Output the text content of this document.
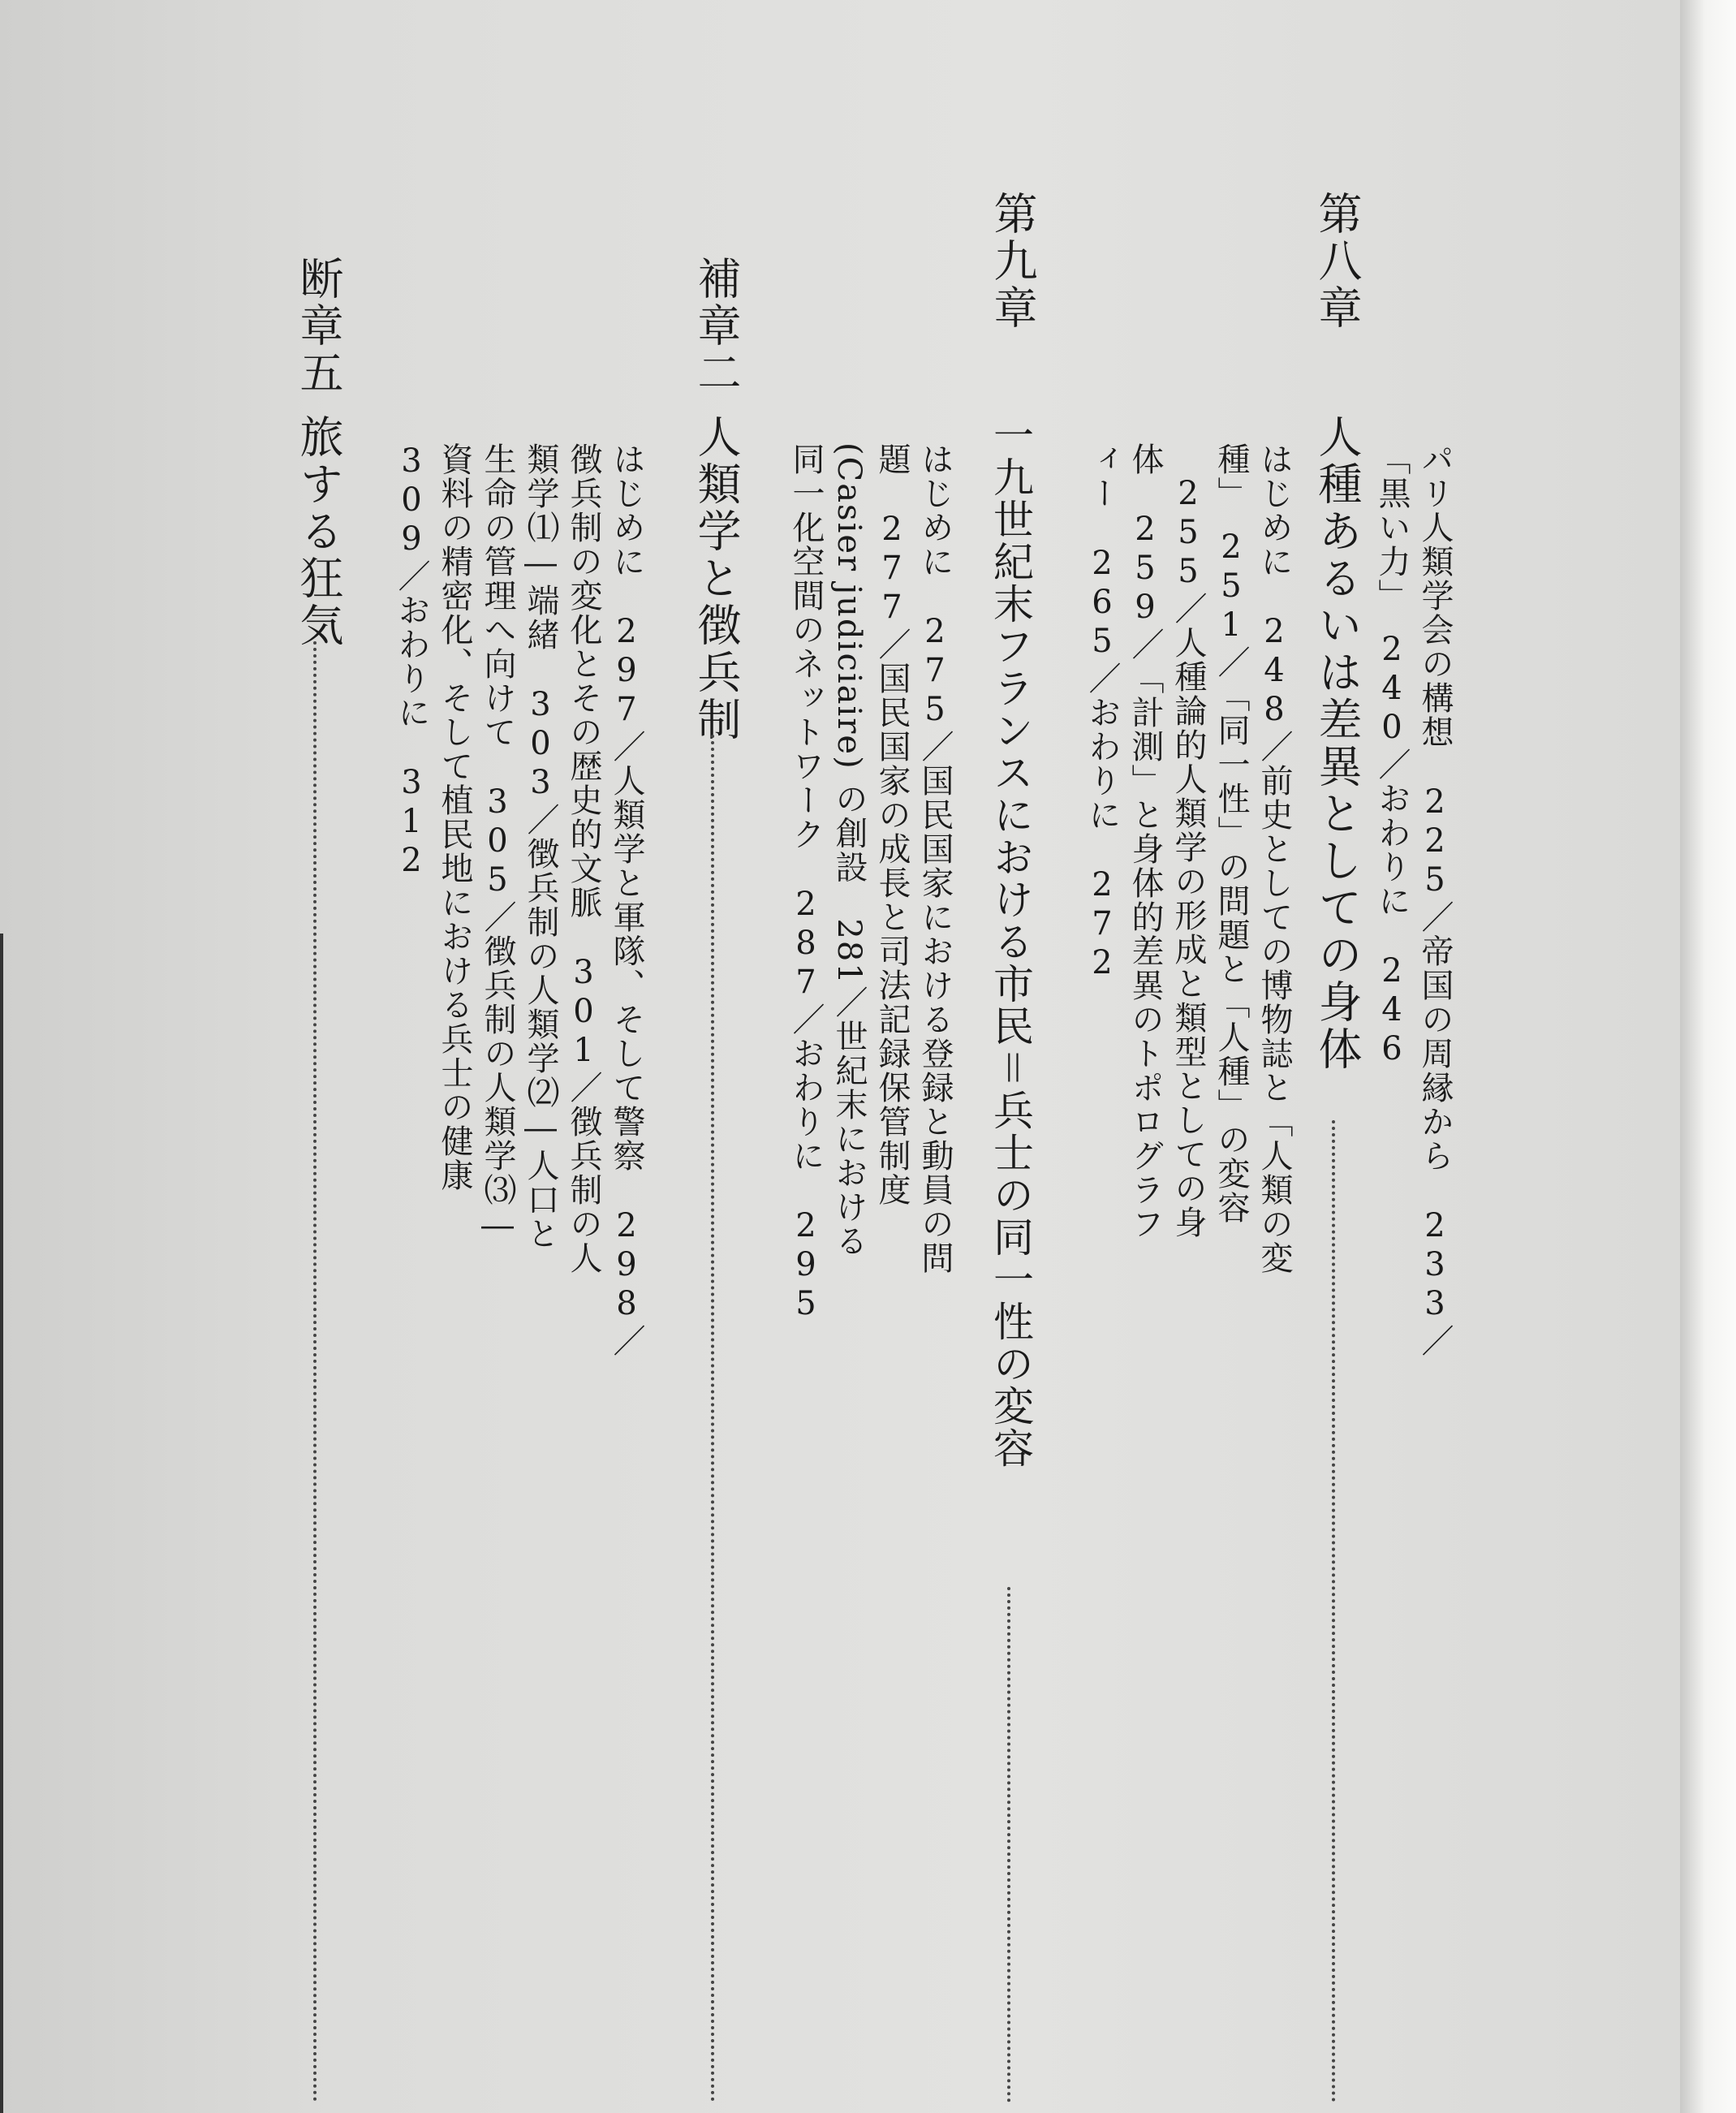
パリ人類学会の構想　225／帝国の周縁から　233／
「黒い力」　240／おわりに　246
第八章
人種あるいは差異としての身体
はじめに　248／前史としての博物誌と「人類の変
種」　251／「同一性」の問題と「人種」の変容
255／人種論的人類学の形成と類型としての身
体　259／「計測」と身体的差異のトポログラフ
ィー　265／おわりに　272
第九章
一九世紀末フランスにおける市民＝兵士の同一性の変容
はじめに　275／国民国家における登録と動員の問
題　277／国民国家の成長と司法記録保管制度
(Casier judiciaire) の創設　281／世紀末における
同一化空間のネットワーク　287／おわりに　295
補章二
人類学と徴兵制
はじめに　297／人類学と軍隊、そして警察　298／
徴兵制の変化とその歴史的文脈　301／徴兵制の人
類学⑴―端緒　303／徴兵制の人類学⑵―人口と
生命の管理へ向けて　305／徴兵制の人類学⑶―
資料の精密化、そして植民地における兵士の健康
309／おわりに　312
断章五
旅する狂気
